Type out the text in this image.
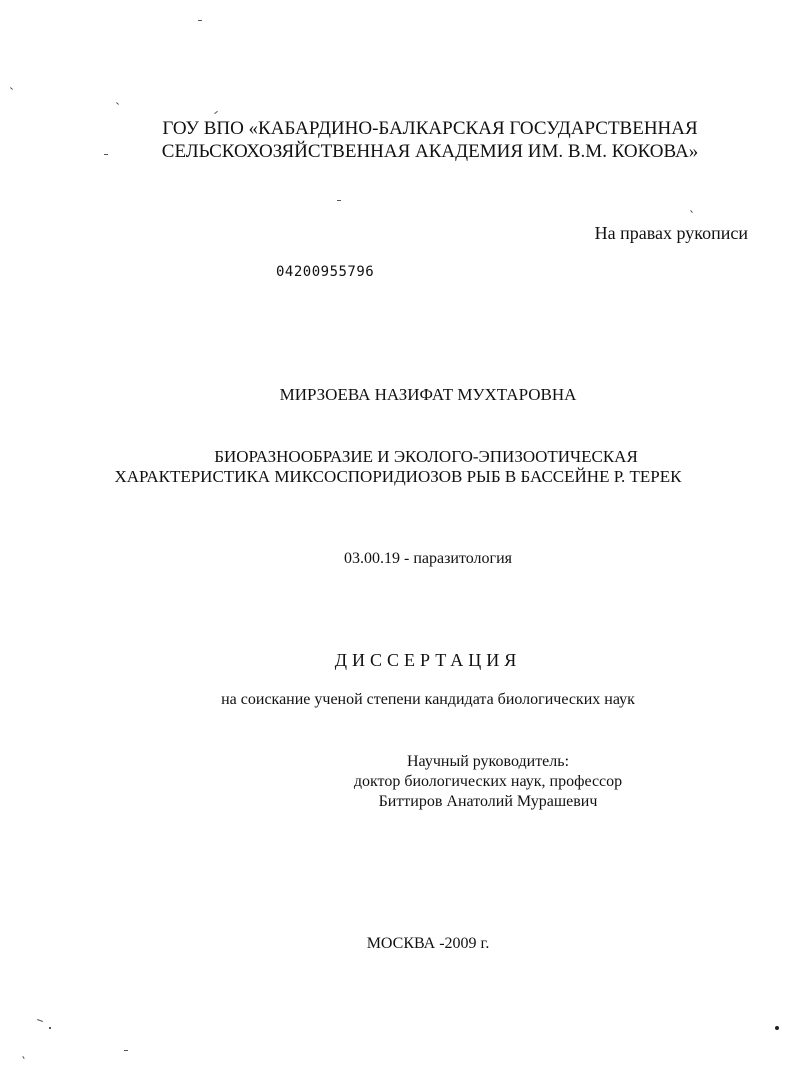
ГОУ ВПО «КАБАРДИНО-БАЛКАРСКАЯ ГОСУДАРСТВЕННАЯ
СЕЛЬСКОХОЗЯЙСТВЕННАЯ АКАДЕМИЯ ИМ. В.М. КОКОВА»
На правах рукописи
04200955796
МИРЗОЕВА НАЗИФАТ МУХТАРОВНА
БИОРАЗНООБРАЗИЕ И ЭКОЛОГО-ЭПИЗООТИЧЕСКАЯ
ХАРАКТЕРИСТИКА МИКСОСПОРИДИОЗОВ РЫБ В БАССЕЙНЕ Р. ТЕРЕК
03.00.19 - паразитология
ДИССЕРТАЦИЯ
на соискание ученой степени кандидата биологических наук
Научный руководитель:
доктор биологических наук, профессор
Биттиров Анатолий Мурашевич
МОСКВА -2009 г.
